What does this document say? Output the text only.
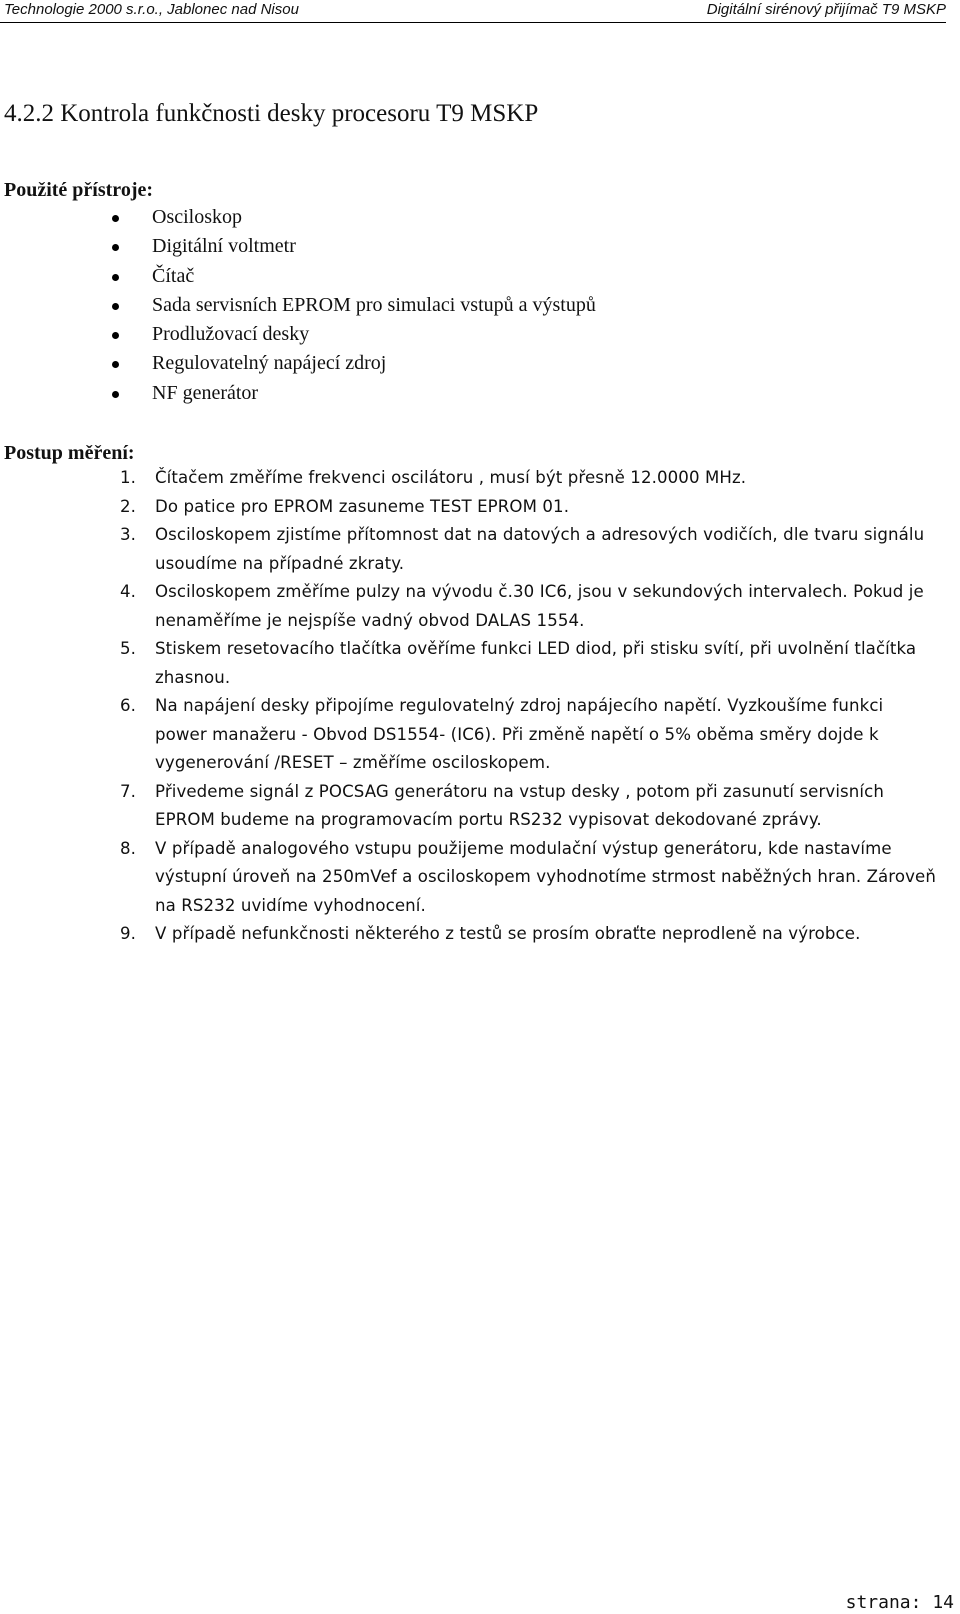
Technologie 2000 s.r.o., Jablonec nad Nisou	Digitální sirénový přijímač T9 MSKP
4.2.2 Kontrola funkčnosti desky procesoru T9 MSKP
Použité přístroje:
Osciloskop
Digitální voltmetr
Čítač
Sada servisních EPROM pro simulaci vstupů a výstupů
Prodlužovací desky
Regulovatelný napájecí zdroj
NF generátor
Postup měření:
1. Čítačem změříme frekvenci oscilátoru , musí být přesně 12.0000 MHz.
2. Do patice pro EPROM zasuneme TEST EPROM 01.
3. Osciloskopem zjistíme přítomnost dat na datových a adresových vodičích, dle tvaru signálu usoudíme na případné zkraty.
4. Osciloskopem změříme pulzy na vývodu č.30 IC6, jsou v sekundových intervalech. Pokud je nenaměříme je nejspíše vadný obvod DALAS 1554.
5. Stiskem resetovacího tlačítka ověříme funkci LED diod, při stisku svítí, při uvolnění tlačítka zhasnou.
6. Na napájení desky připojíme regulovatelný zdroj napájecího napětí. Vyzkoušíme funkci power manažeru - Obvod DS1554- (IC6). Při změně napětí o 5% oběma směry dojde k vygenerování /RESET – změříme osciloskopem.
7. Přivedeme signál z POCSAG generátoru na vstup desky , potom při zasunutí servisních EPROM budeme na programovacím portu RS232 vypisovat dekodované zprávy.
8. V případě analogového vstupu použijeme modulační výstup generátoru, kde nastavíme výstupní úroveň na 250mVef a osciloskopem vyhodnotíme strmost naběžných hran. Zároveň na RS232 uvidíme vyhodnocení.
9. V případě nefunkčnosti některého z testů se prosím obraťte neprodleně na výrobce.
strana: 14
